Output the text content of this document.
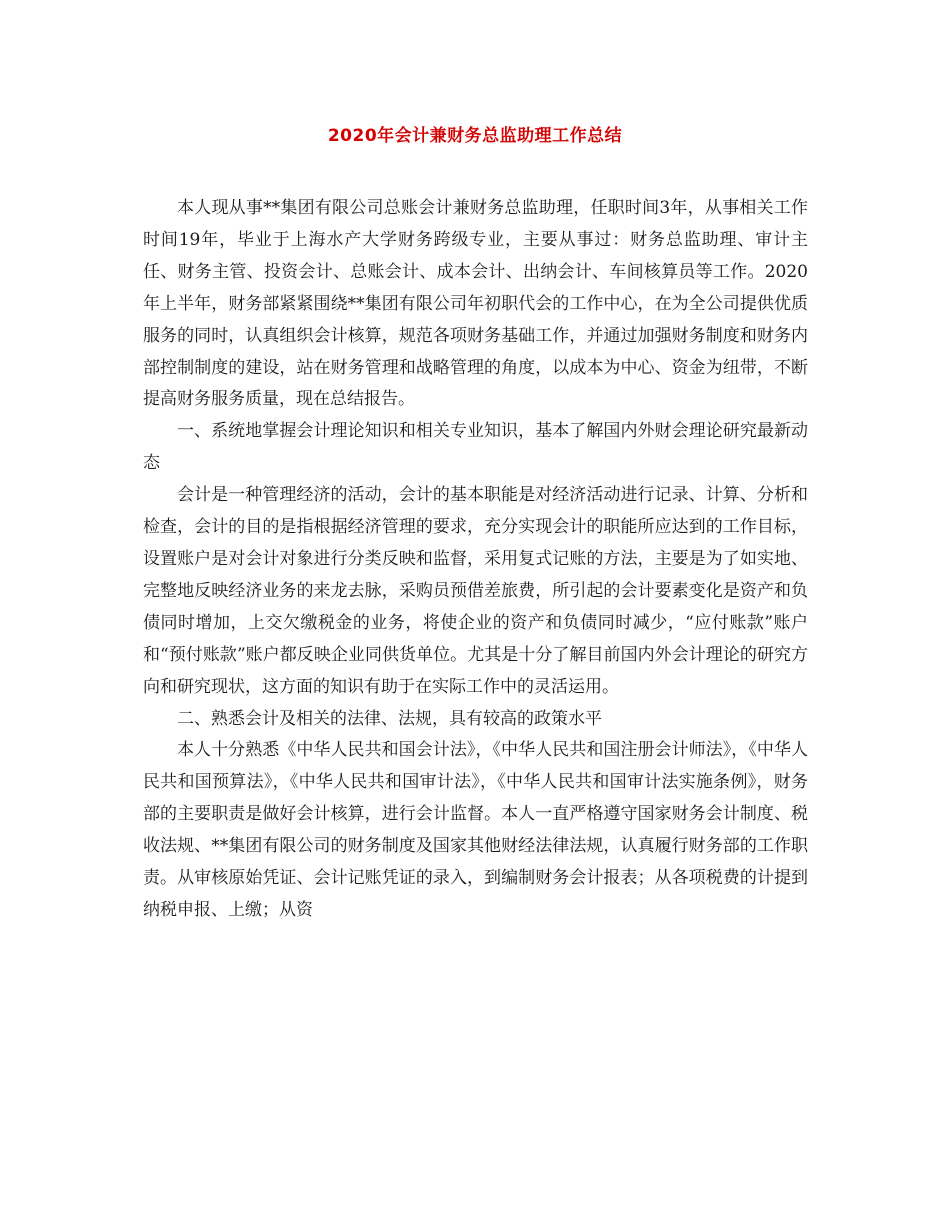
2020年会计兼财务总监助理工作总结

本人现从事**集团有限公司总账会计兼财务总监助理，任职时间3年，从事相关工作时间19年，毕业于上海水产大学财务跨级专业，主要从事过：财务总监助理、审计主任、财务主管、投资会计、总账会计、成本会计、出纳会计、车间核算员等工作。2020年上半年，财务部紧紧围绕**集团有限公司年初职代会的工作中心，在为全公司提供优质服务的同时，认真组织会计核算，规范各项财务基础工作，并通过加强财务制度和财务内部控制制度的建设，站在财务管理和战略管理的角度，以成本为中心、资金为纽带，不断提高财务服务质量，现在总结报告。

一、系统地掌握会计理论知识和相关专业知识，基本了解国内外财会理论研究最新动态

会计是一种管理经济的活动，会计的基本职能是对经济活动进行记录、计算、分析和检查，会计的目的是指根据经济管理的要求，充分实现会计的职能所应达到的工作目标，设置账户是对会计对象进行分类反映和监督，采用复式记账的方法，主要是为了如实地、完整地反映经济业务的来龙去脉，采购员预借差旅费，所引起的会计要素变化是资产和负债同时增加，上交欠缴税金的业务，将使企业的资产和负债同时减少，“应付账款”账户和“预付账款”账户都反映企业同供货单位。尤其是十分了解目前国内外会计理论的研究方向和研究现状，这方面的知识有助于在实际工作中的灵活运用。

二、熟悉会计及相关的法律、法规，具有较高的政策水平

本人十分熟悉《中华人民共和国会计法》，《中华人民共和国注册会计师法》，《中华人民共和国预算法》，《中华人民共和国审计法》，《中华人民共和国审计法实施条例》，财务部的主要职责是做好会计核算，进行会计监督。本人一直严格遵守国家财务会计制度、税收法规、**集团有限公司的财务制度及国家其他财经法律法规，认真履行财务部的工作职责。从审核原始凭证、会计记账凭证的录入，到编制财务会计报表；从各项税费的计提到纳税申报、上缴；从资
